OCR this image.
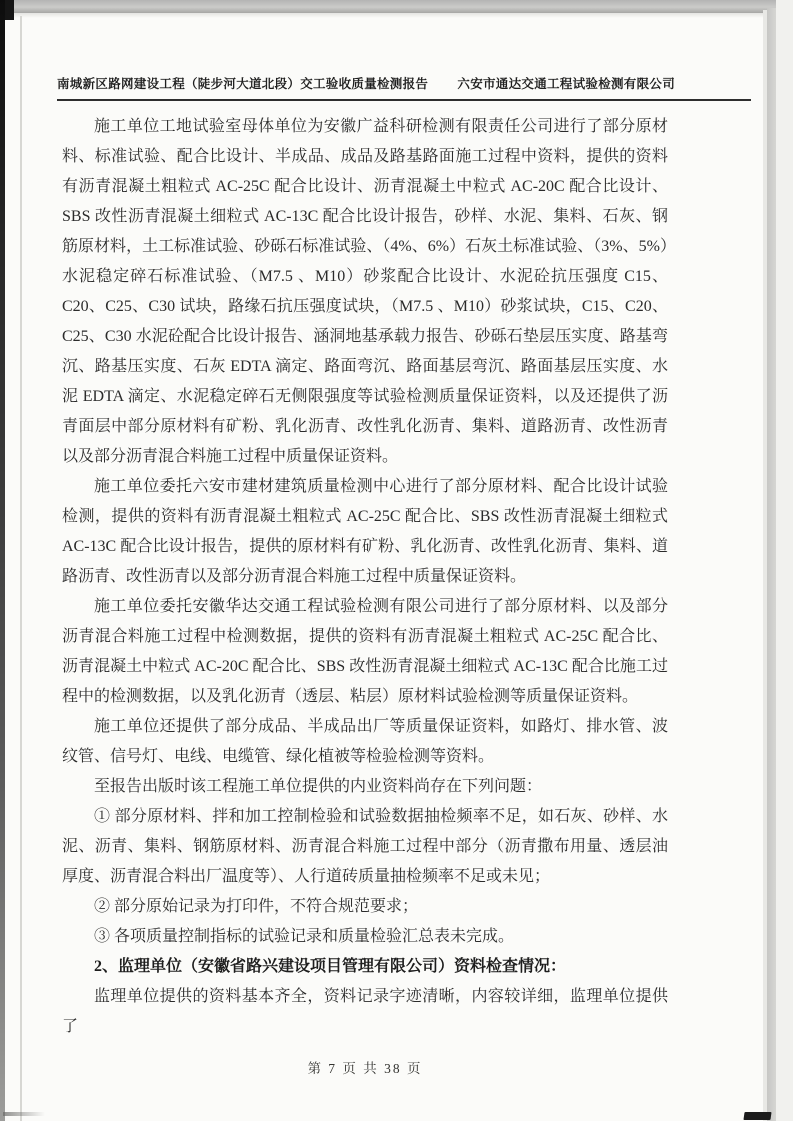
南城新区路网建设工程（陡步河大道北段）交工验收质量检测报告 六安市通达交通工程试验检测有限公司

施工单位工地试验室母体单位为安徽广益科研检测有限责任公司进行了部分原材料、标准试验、配合比设计、半成品、成品及路基路面施工过程中资料，提供的资料有沥青混凝土粗粒式 AC-25C 配合比设计、沥青混凝土中粒式 AC-20C 配合比设计、SBS 改性沥青混凝土细粒式 AC-13C 配合比设计报告，砂样、水泥、集料、石灰、钢筋原材料，土工标准试验、砂砾石标准试验、（4%、6%）石灰土标准试验、（3%、5%）水泥稳定碎石标准试验、（M7.5 、M10）砂浆配合比设计、水泥砼抗压强度 C15、C20、C25、C30 试块，路缘石抗压强度试块，（M7.5 、M10）砂浆试块，C15、C20、C25、C30 水泥砼配合比设计报告、涵洞地基承载力报告、砂砾石垫层压实度、路基弯沉、路基压实度、石灰 EDTA 滴定、路面弯沉、路面基层弯沉、路面基层压实度、水泥 EDTA 滴定、水泥稳定碎石无侧限强度等试验检测质量保证资料，以及还提供了沥青面层中部分原材料有矿粉、乳化沥青、改性乳化沥青、集料、道路沥青、改性沥青以及部分沥青混合料施工过程中质量保证资料。

施工单位委托六安市建材建筑质量检测中心进行了部分原材料、配合比设计试验检测，提供的资料有沥青混凝土粗粒式 AC-25C 配合比、SBS 改性沥青混凝土细粒式 AC-13C 配合比设计报告，提供的原材料有矿粉、乳化沥青、改性乳化沥青、集料、道路沥青、改性沥青以及部分沥青混合料施工过程中质量保证资料。

施工单位委托安徽华达交通工程试验检测有限公司进行了部分原材料、以及部分沥青混合料施工过程中检测数据，提供的资料有沥青混凝土粗粒式 AC-25C 配合比、沥青混凝土中粒式 AC-20C 配合比、SBS 改性沥青混凝土细粒式 AC-13C 配合比施工过程中的检测数据，以及乳化沥青（透层、粘层）原材料试验检测等质量保证资料。

施工单位还提供了部分成品、半成品出厂等质量保证资料，如路灯、排水管、波纹管、信号灯、电线、电缆管、绿化植被等检验检测等资料。

至报告出版时该工程施工单位提供的内业资料尚存在下列问题：

① 部分原材料、拌和加工控制检验和试验数据抽检频率不足，如石灰、砂样、水泥、沥青、集料、钢筋原材料、沥青混合料施工过程中部分（沥青撒布用量、透层油厚度、沥青混合料出厂温度等）、人行道砖质量抽检频率不足或未见；

② 部分原始记录为打印件，不符合规范要求；

③ 各项质量控制指标的试验记录和质量检验汇总表未完成。

2、监理单位（安徽省路兴建设项目管理有限公司）资料检查情况：

监理单位提供的资料基本齐全，资料记录字迹清晰，内容较详细，监理单位提供了

第 7 页 共 38 页
